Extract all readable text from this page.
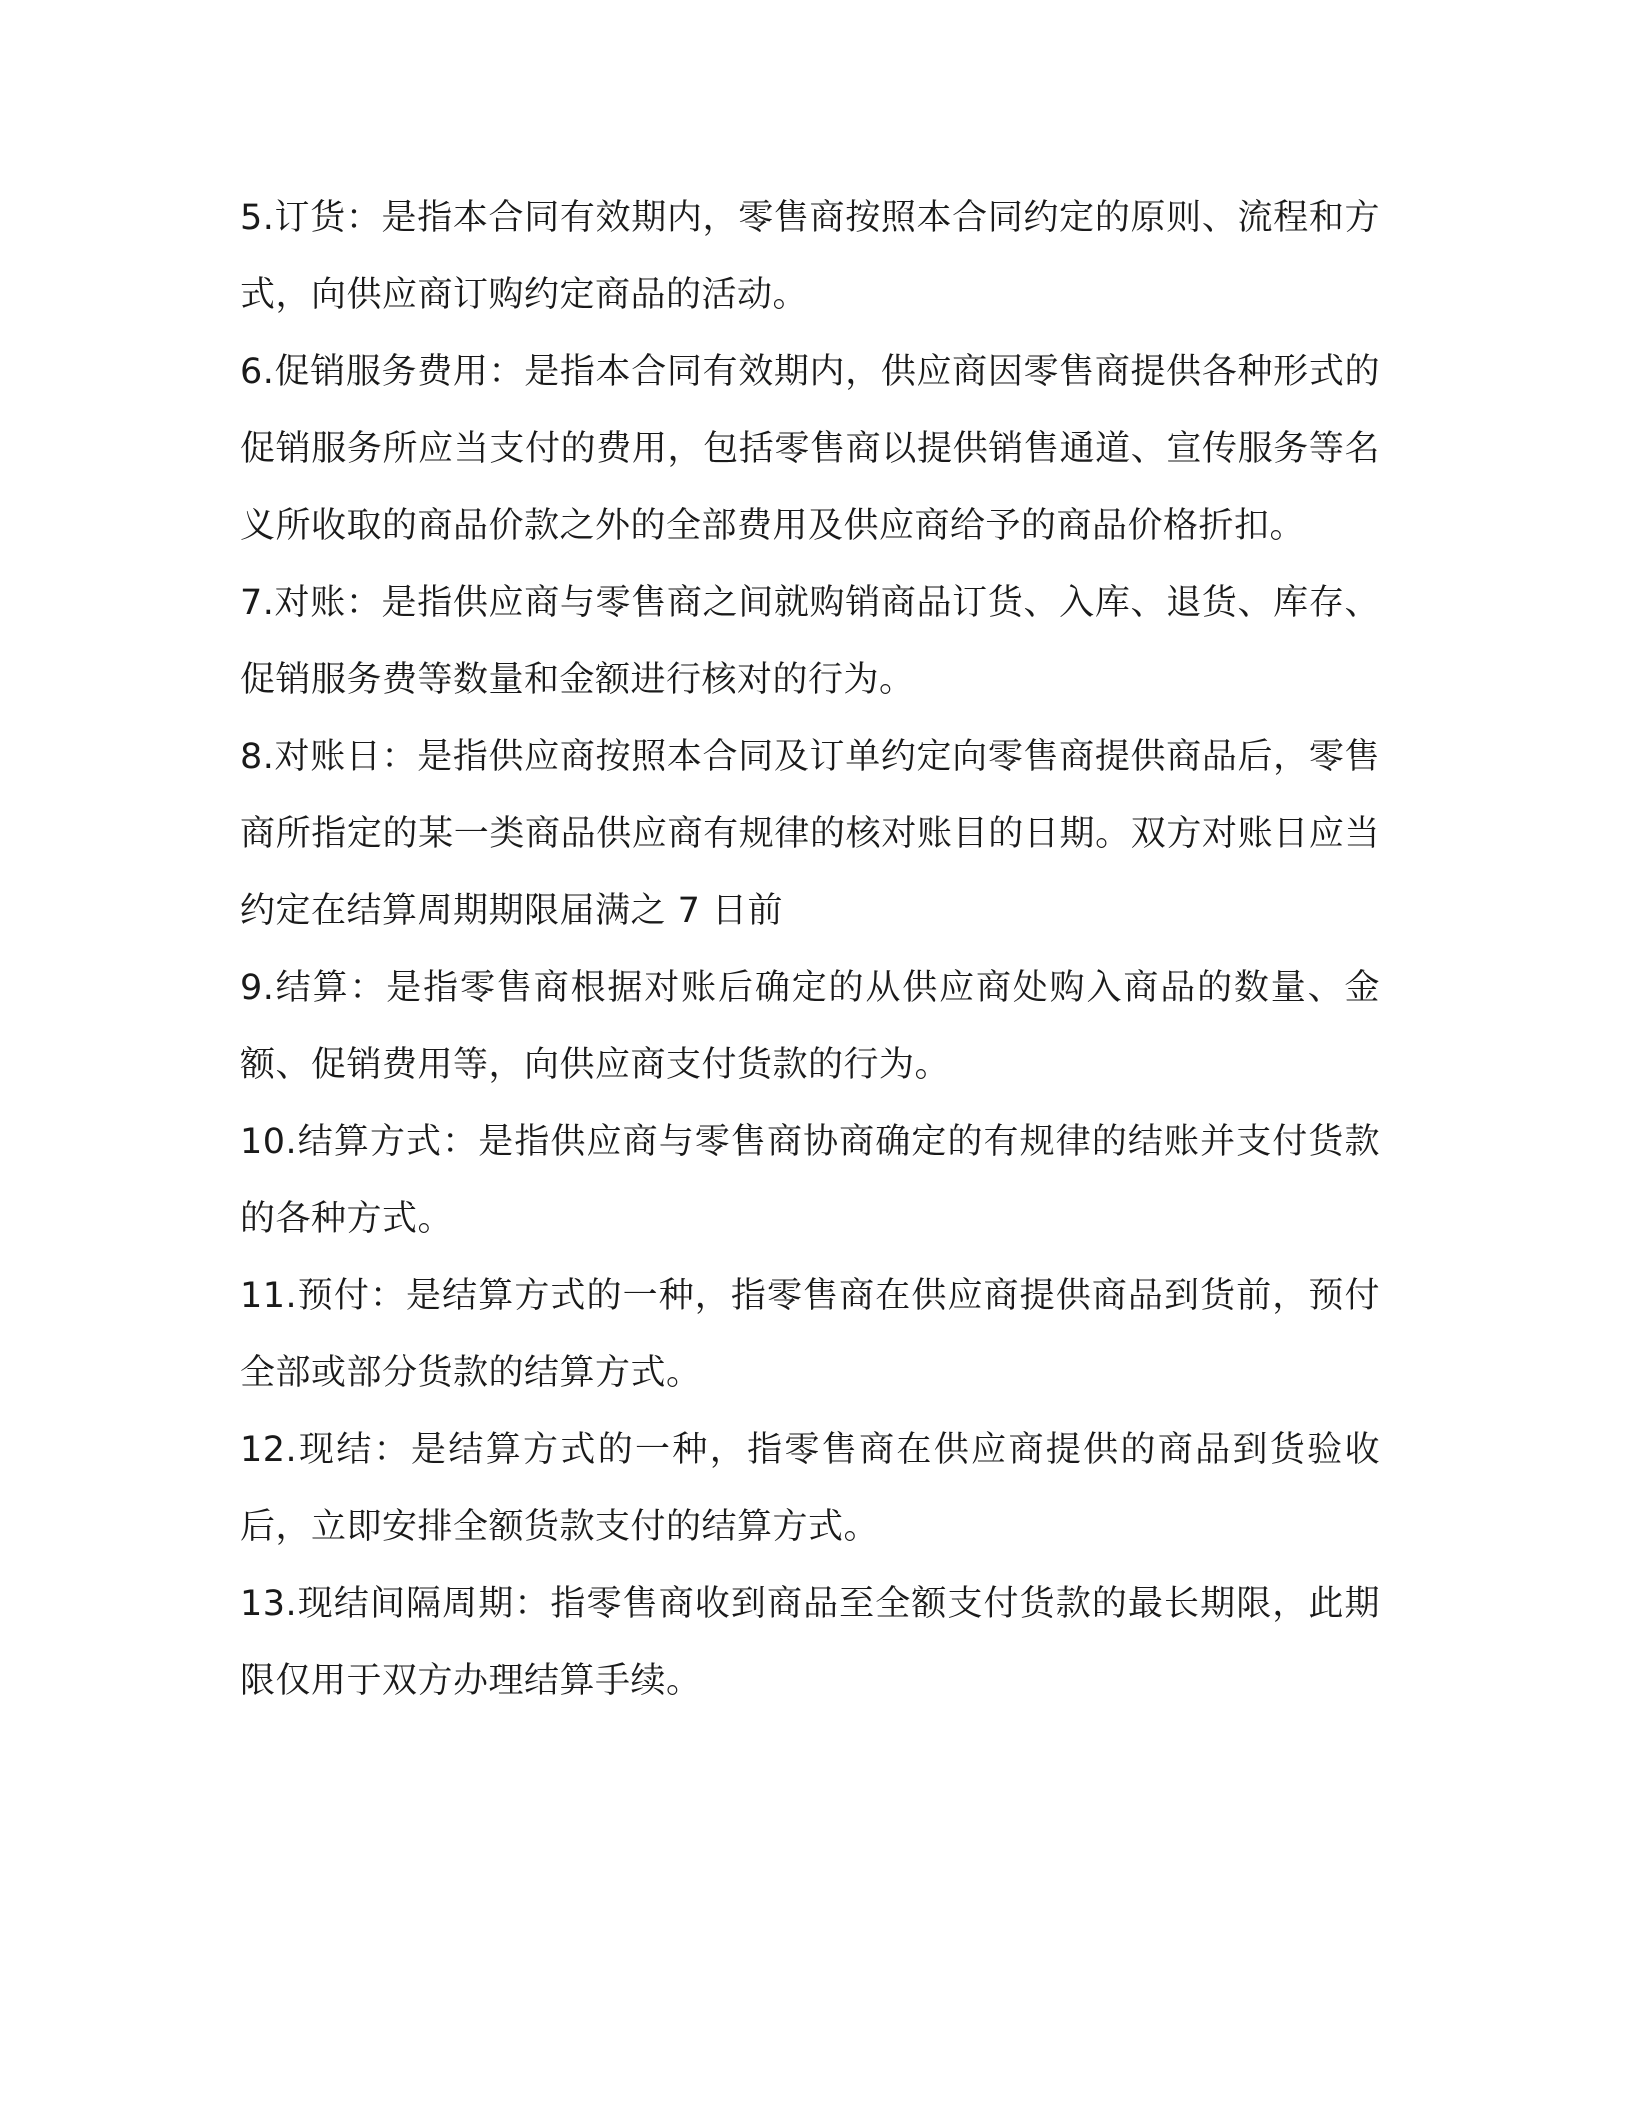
5.订货：是指本合同有效期内，零售商按照本合同约定的原则、流程和方式，向供应商订购约定商品的活动。

6.促销服务费用：是指本合同有效期内，供应商因零售商提供各种形式的促销服务所应当支付的费用，包括零售商以提供销售通道、宣传服务等名义所收取的商品价款之外的全部费用及供应商给予的商品价格折扣。

7.对账：是指供应商与零售商之间就购销商品订货、入库、退货、库存、促销服务费等数量和金额进行核对的行为。

8.对账日：是指供应商按照本合同及订单约定向零售商提供商品后，零售商所指定的某一类商品供应商有规律的核对账目的日期。双方对账日应当约定在结算周期期限届满之 7 日前

9.结算：是指零售商根据对账后确定的从供应商处购入商品的数量、金额、促销费用等，向供应商支付货款的行为。

10.结算方式：是指供应商与零售商协商确定的有规律的结账并支付货款的各种方式。

11.预付：是结算方式的一种，指零售商在供应商提供商品到货前，预付全部或部分货款的结算方式。

12.现结：是结算方式的一种，指零售商在供应商提供的商品到货验收后，立即安排全额货款支付的结算方式。

13.现结间隔周期：指零售商收到商品至全额支付货款的最长期限，此期限仅用于双方办理结算手续。
